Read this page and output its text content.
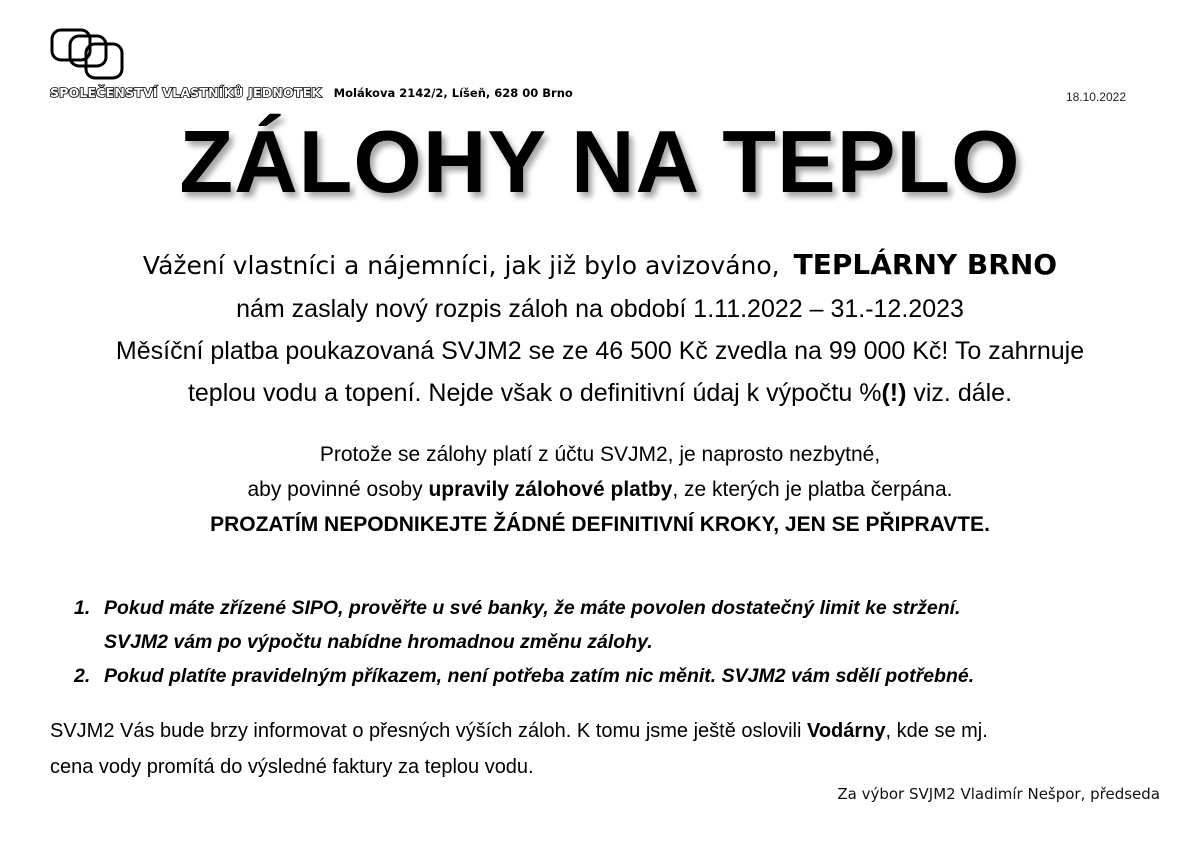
SPOLEČENSTVÍ VLASTNÍKŮ JEDNOTEK Molákova 2142/2, Líšeň, 628 00 Brno	18.10.2022
ZÁLOHY NA TEPLO
Vážení vlastníci a nájemníci, jak již bylo avizováno, TEPLÁRNY BRNO
nám zaslaly nový rozpis záloh na období 1.11.2022 – 31.-12.2023
Měsíční platba poukazovaná SVJM2 se ze 46 500 Kč zvedla na 99 000 Kč! To zahrnuje
teplou vodu a topení. Nejde však o definitivní údaj k výpočtu %(!) viz. dále.
Protože se zálohy platí z účtu SVJM2, je naprosto nezbytné,
aby povinné osoby upravily zálohové platby, ze kterých je platba čerpána.
PROZATÍM NEPODNIKEJTE ŽÁDNÉ DEFINITIVNÍ KROKY, JEN SE PŘIPRAVTE.
1. Pokud máte zřízené SIPO, prověřte u své banky, že máte povolen dostatečný limit ke stržení.
SVJM2 vám po výpočtu nabídne hromadnou změnu zálohy.
2. Pokud platíte pravidelným příkazem, není potřeba zatím nic měnit. SVJM2 vám sdělí potřebné.
SVJM2 Vás bude brzy informovat o přesných výších záloh. K tomu jsme ještě oslovili Vodárny, kde se mj.
cena vody promítá do výsledné faktury za teplou vodu.
Za výbor SVJM2 Vladimír Nešpor, předseda
